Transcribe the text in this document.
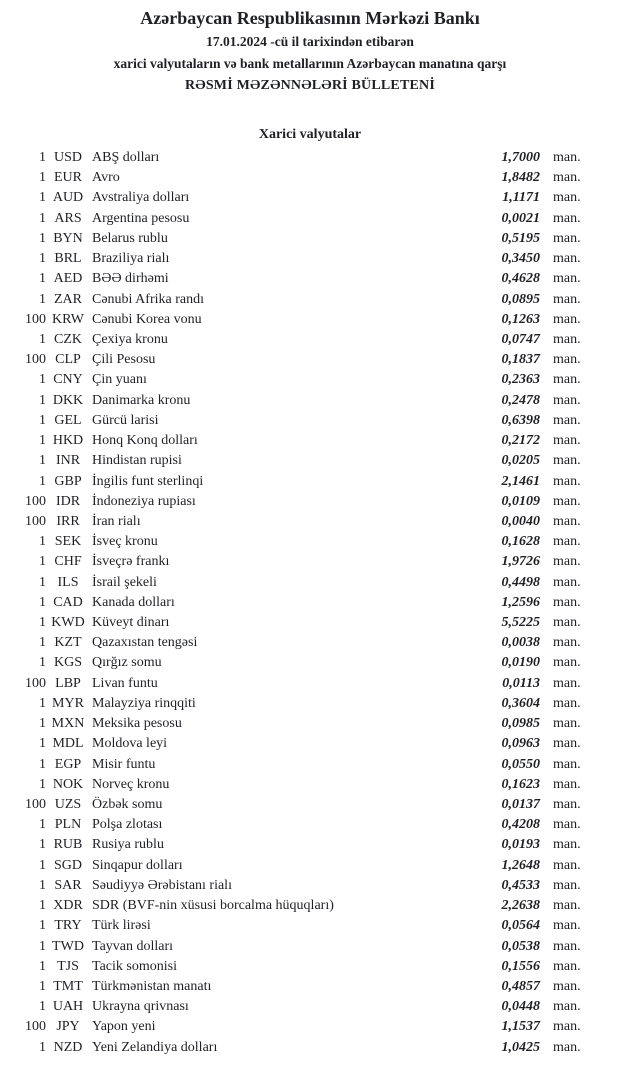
Azərbaycan Respublikasının Mərkəzi Bankı
17.01.2024 -cü il tarixindən etibarən
xarici valyutaların və bank metallarının Azərbaycan manatına qarşı
RƏSMİ MƏZƏNNƏLƏRİ BÜLLETENİ
Xarici valyutalar
1 USD ABŞ dolları	1,7000 man.
1 EUR Avro	1,8482 man.
1 AUD Avstraliya dolları	1,1171 man.
1 ARS Argentina pesosu	0,0021 man.
1 BYN Belarus rublu	0,5195 man.
1 BRL Braziliya rialı	0,3450 man.
1 AED BƏƏ dirhəmi	0,4628 man.
1 ZAR Cənubi Afrika randı	0,0895 man.
100 KRW Cənubi Korea vonu	0,1263 man.
1 CZK Çexiya kronu	0,0747 man.
100 CLP Çili Pesosu	0,1837 man.
1 CNY Çin yuanı	0,2363 man.
1 DKK Danimarka kronu	0,2478 man.
1 GEL Gürcü larisi	0,6398 man.
1 HKD Honq Konq dolları	0,2172 man.
1 INR Hindistan rupisi	0,0205 man.
1 GBP İngilis funt sterlinqi	2,1461 man.
100 IDR İndoneziya rupiası	0,0109 man.
100 IRR İran rialı	0,0040 man.
1 SEK İsveç kronu	0,1628 man.
1 CHF İsveçrə frankı	1,9726 man.
1 ILS İsrail şekeli	0,4498 man.
1 CAD Kanada dolları	1,2596 man.
1 KWD Küveyt dinarı	5,5225 man.
1 KZT Qazaxıstan tengəsi	0,0038 man.
1 KGS Qırğız somu	0,0190 man.
100 LBP Livan funtu	0,0113 man.
1 MYR Malayziya rinqqiti	0,3604 man.
1 MXN Meksika pesosu	0,0985 man.
1 MDL Moldova leyi	0,0963 man.
1 EGP Misir funtu	0,0550 man.
1 NOK Norveç kronu	0,1623 man.
100 UZS Özbək somu	0,0137 man.
1 PLN Polşa zlotası	0,4208 man.
1 RUB Rusiya rublu	0,0193 man.
1 SGD Sinqapur dolları	1,2648 man.
1 SAR Səudiyyə Ərəbistanı rialı	0,4533 man.
1 XDR SDR (BVF-nin xüsusi borcalma hüquqları)	2,2638 man.
1 TRY Türk lirəsi	0,0564 man.
1 TWD Tayvan dolları	0,0538 man.
1 TJS Tacik somonisi	0,1556 man.
1 TMT Türkmənistan manatı	0,4857 man.
1 UAH Ukrayna qrivnası	0,0448 man.
100 JPY Yapon yeni	1,1537 man.
1 NZD Yeni Zelandiya dolları	1,0425 man.
